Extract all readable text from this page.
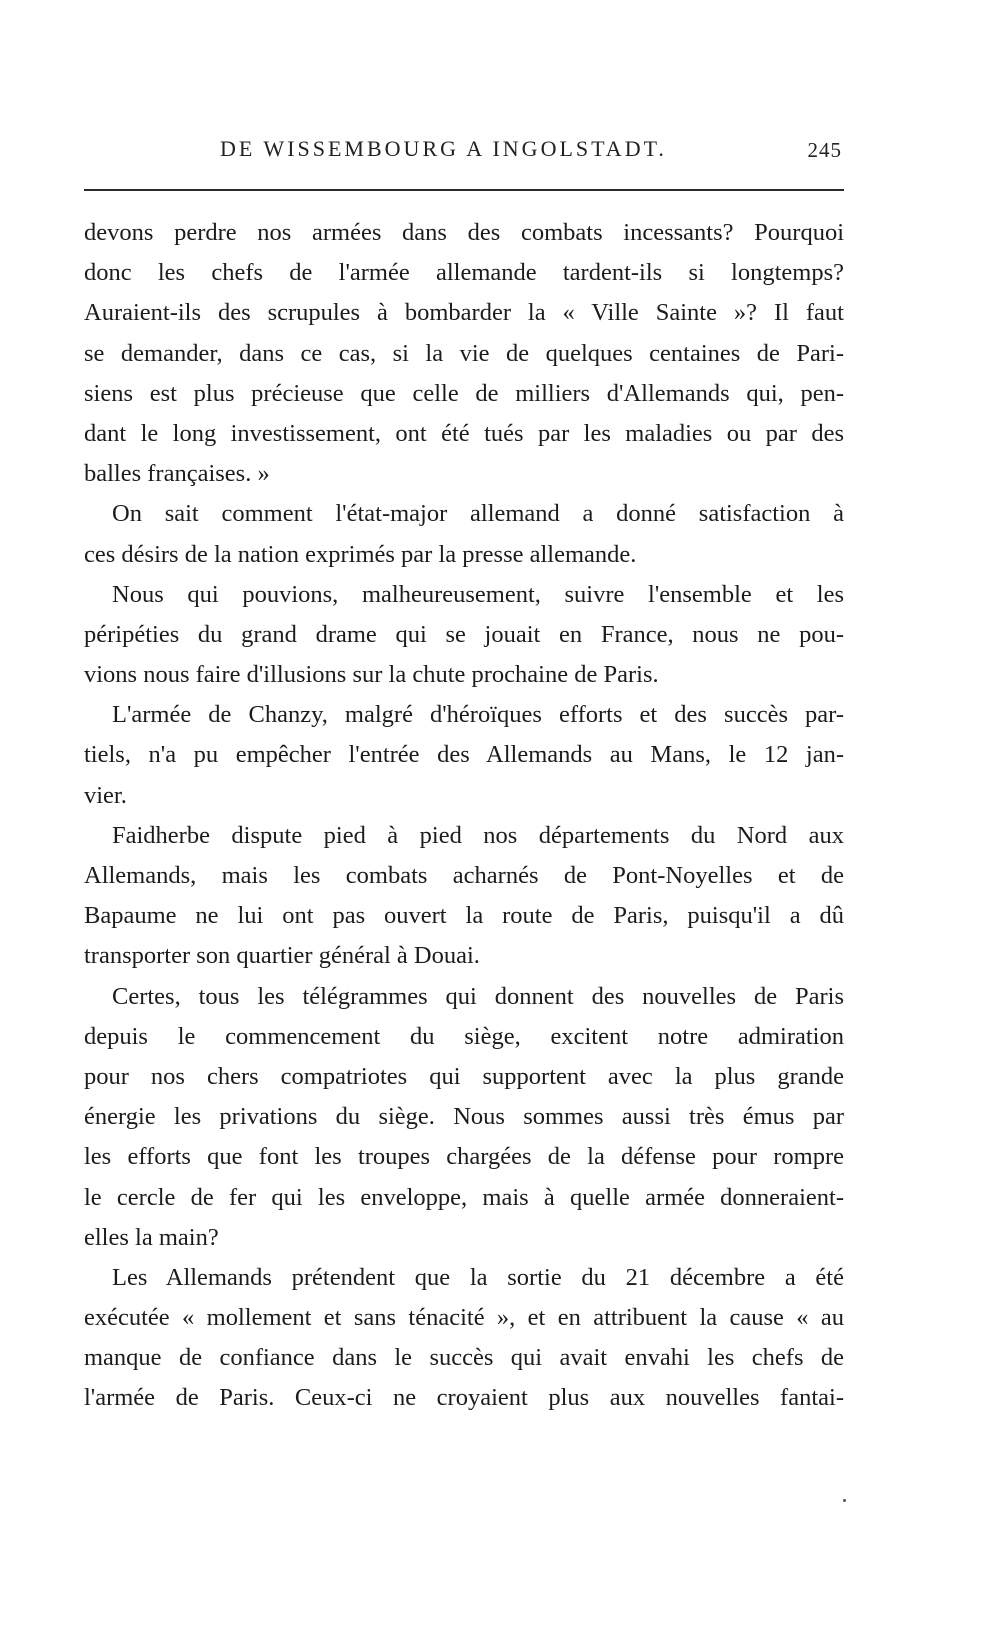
DE WISSEMBOURG A INGOLSTADT.	245
devons perdre nos armées dans des combats incessants? Pourquoi
donc les chefs de l'armée allemande tardent-ils si longtemps?
Auraient-ils des scrupules à bombarder la « Ville Sainte »? Il faut
se demander, dans ce cas, si la vie de quelques centaines de Pari-
siens est plus précieuse que celle de milliers d'Allemands qui, pen-
dant le long investissement, ont été tués par les maladies ou par des
balles françaises. »
On sait comment l'état-major allemand a donné satisfaction à
ces désirs de la nation exprimés par la presse allemande.
Nous qui pouvions, malheureusement, suivre l'ensemble et les
péripéties du grand drame qui se jouait en France, nous ne pou-
vions nous faire d'illusions sur la chute prochaine de Paris.
L'armée de Chanzy, malgré d'héroïques efforts et des succès par-
tiels, n'a pu empêcher l'entrée des Allemands au Mans, le 12 jan-
vier.
Faidherbe dispute pied à pied nos départements du Nord aux
Allemands, mais les combats acharnés de Pont-Noyelles et de
Bapaume ne lui ont pas ouvert la route de Paris, puisqu'il a dû
transporter son quartier général à Douai.
Certes, tous les télégrammes qui donnent des nouvelles de Paris
depuis le commencement du siège, excitent notre admiration
pour nos chers compatriotes qui supportent avec la plus grande
énergie les privations du siège. Nous sommes aussi très émus par
les efforts que font les troupes chargées de la défense pour rompre
le cercle de fer qui les enveloppe, mais à quelle armée donneraient-
elles la main?
Les Allemands prétendent que la sortie du 21 décembre a été
exécutée « mollement et sans ténacité », et en attribuent la cause « au
manque de confiance dans le succès qui avait envahi les chefs de
l'armée de Paris. Ceux-ci ne croyaient plus aux nouvelles fantai-
